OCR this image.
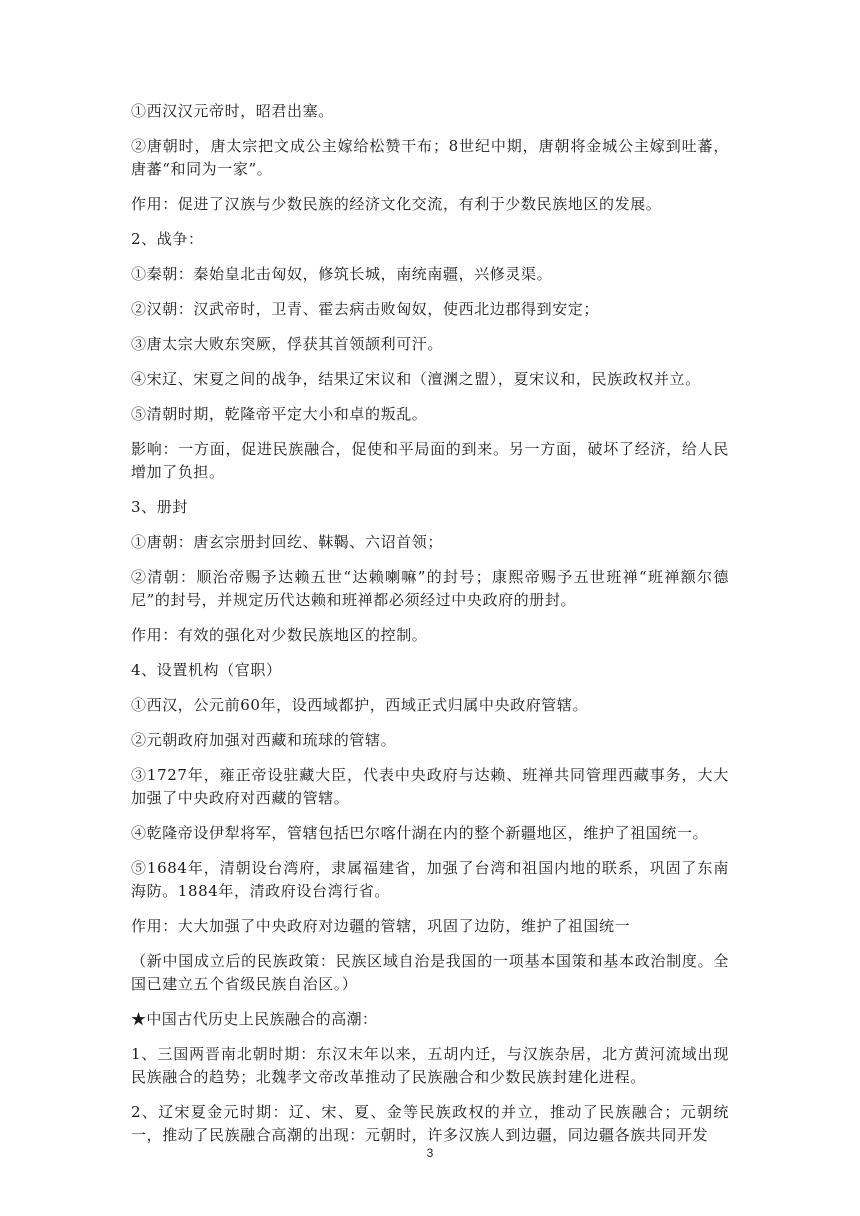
①西汉汉元帝时，昭君出塞。

②唐朝时，唐太宗把文成公主嫁给松赞干布；8世纪中期，唐朝将金城公主嫁到吐蕃，唐蕃“和同为一家”。

作用：促进了汉族与少数民族的经济文化交流，有利于少数民族地区的发展。

2、战争：

①秦朝：秦始皇北击匈奴，修筑长城，南统南疆，兴修灵渠。

②汉朝：汉武帝时，卫青、霍去病击败匈奴，使西北边郡得到安定；

③唐太宗大败东突厥，俘获其首领颉利可汗。

④宋辽、宋夏之间的战争，结果辽宋议和（澶渊之盟），夏宋议和，民族政权并立。

⑤清朝时期，乾隆帝平定大小和卓的叛乱。

影响：一方面，促进民族融合，促使和平局面的到来。另一方面，破坏了经济，给人民增加了负担。

3、册封

①唐朝：唐玄宗册封回纥、靺鞨、六诏首领；

②清朝：顺治帝赐予达赖五世“达赖喇嘛”的封号；康熙帝赐予五世班禅“班禅额尔德尼”的封号，并规定历代达赖和班禅都必须经过中央政府的册封。

作用：有效的强化对少数民族地区的控制。

4、设置机构（官职）

①西汉，公元前60年，设西域都护，西域正式归属中央政府管辖。

②元朝政府加强对西藏和琉球的管辖。

③1727年，雍正帝设驻藏大臣，代表中央政府与达赖、班禅共同管理西藏事务，大大加强了中央政府对西藏的管辖。

④乾隆帝设伊犁将军，管辖包括巴尔喀什湖在内的整个新疆地区，维护了祖国统一。

⑤1684年，清朝设台湾府，隶属福建省，加强了台湾和祖国内地的联系，巩固了东南海防。1884年，清政府设台湾行省。

作用：大大加强了中央政府对边疆的管辖，巩固了边防，维护了祖国统一

（新中国成立后的民族政策：民族区域自治是我国的一项基本国策和基本政治制度。全国已建立五个省级民族自治区。）

★中国古代历史上民族融合的高潮：

1、三国两晋南北朝时期：东汉末年以来，五胡内迁，与汉族杂居，北方黄河流域出现民族融合的趋势；北魏孝文帝改革推动了民族融合和少数民族封建化进程。

2、辽宋夏金元时期：辽、宋、夏、金等民族政权的并立，推动了民族融合；元朝统一，推动了民族融合高潮的出现：元朝时，许多汉族人到边疆，同边疆各族共同开发

3
